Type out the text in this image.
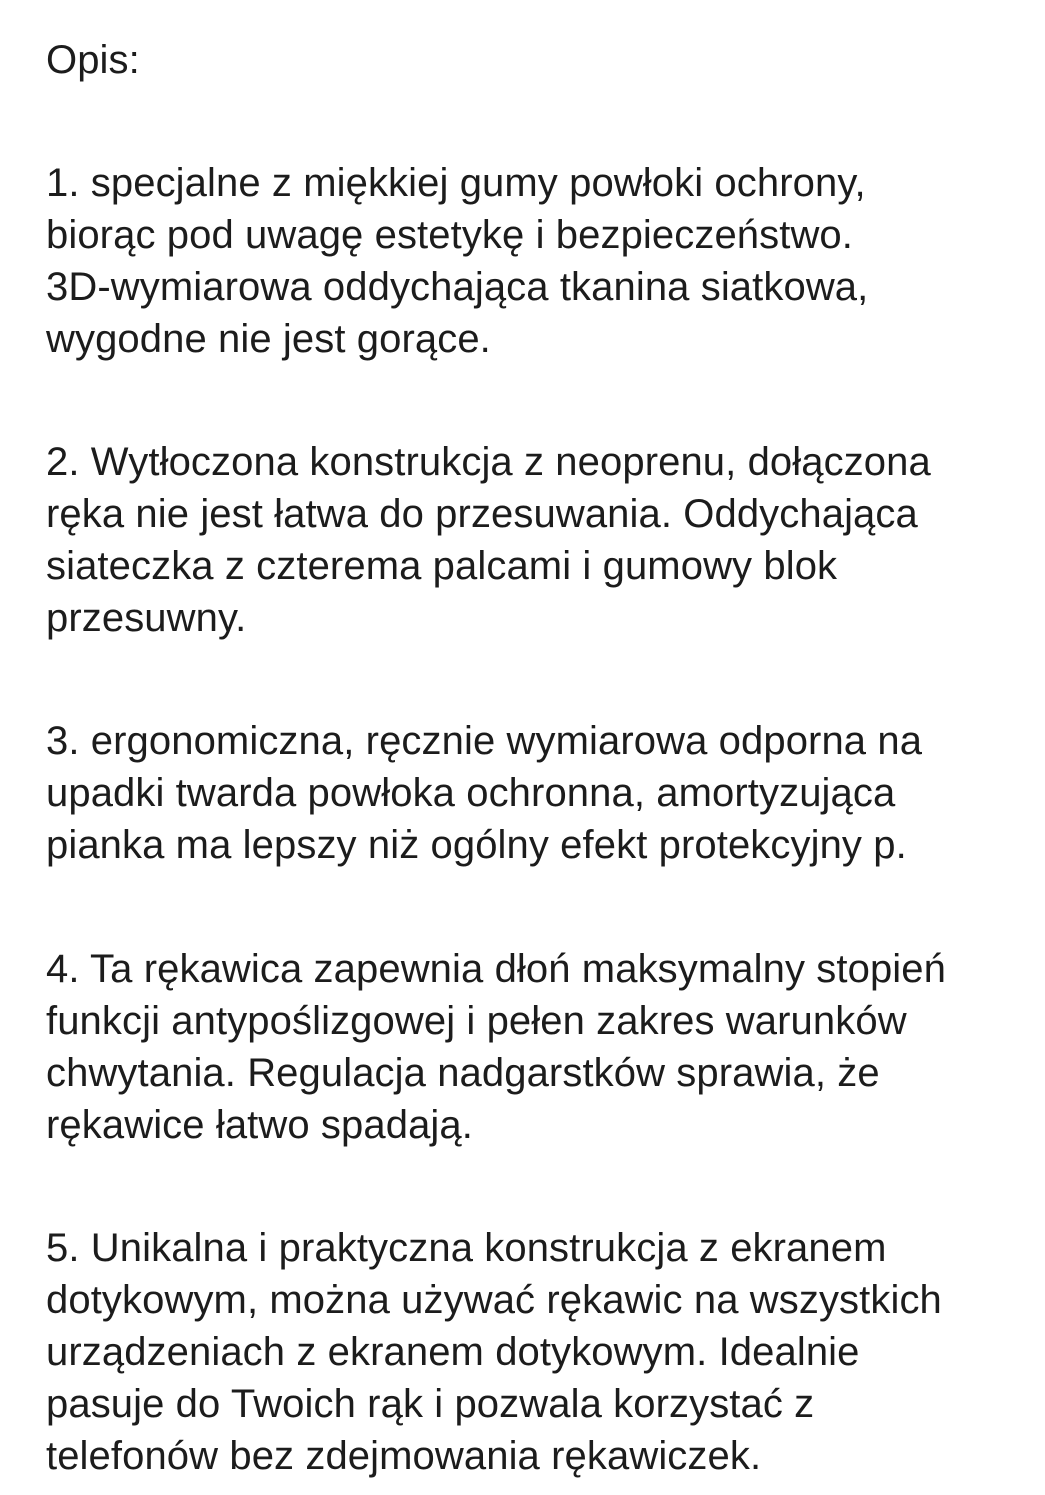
Opis:
1. specjalne z miękkiej gumy powłoki ochrony,
biorąc pod uwagę estetykę i bezpieczeństwo.
3D-wymiarowa oddychająca tkanina siatkowa,
wygodne nie jest gorące.
2. Wytłoczona konstrukcja z neoprenu, dołączona
ręka nie jest łatwa do przesuwania. Oddychająca
siateczka z czterema palcami i gumowy blok
przesuwny.
3. ergonomiczna, ręcznie wymiarowa odporna na
upadki twarda powłoka ochronna, amortyzująca
pianka ma lepszy niż ogólny efekt protekcyjny p.
4. Ta rękawica zapewnia dłoń maksymalny stopień
funkcji antypoślizgowej i pełen zakres warunków
chwytania. Regulacja nadgarstków sprawia, że
rękawice łatwo spadają.
5. Unikalna i praktyczna konstrukcja z ekranem
dotykowym, można używać rękawic na wszystkich
urządzeniach z ekranem dotykowym. Idealnie
pasuje do Twoich rąk i pozwala korzystać z
telefonów bez zdejmowania rękawiczek.
